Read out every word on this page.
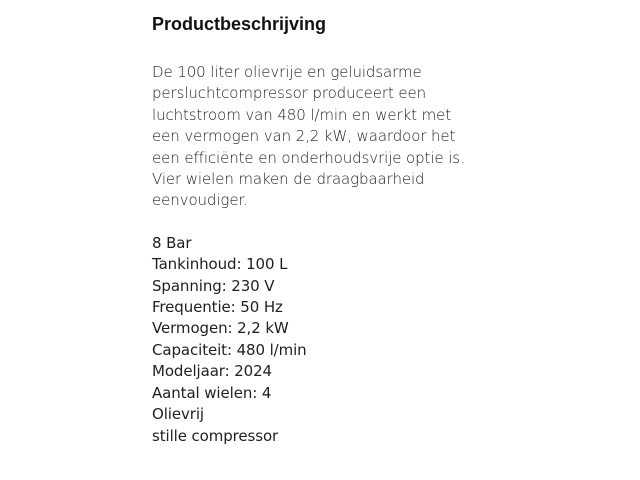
Productbeschrijving

De 100 liter olievrije en geluidsarme persluchtcompressor produceert een luchtstroom van 480 l/min en werkt met een vermogen van 2,2 kW, waardoor het een efficiënte en onderhoudsvrije optie is. Vier wielen maken de draagbaarheid eenvoudiger.

8 Bar
Tankinhoud: 100 L
Spanning: 230 V
Frequentie: 50 Hz
Vermogen: 2,2 kW
Capaciteit: 480 l/min
Modeljaar: 2024
Aantal wielen: 4
Olievrij
stille compressor
